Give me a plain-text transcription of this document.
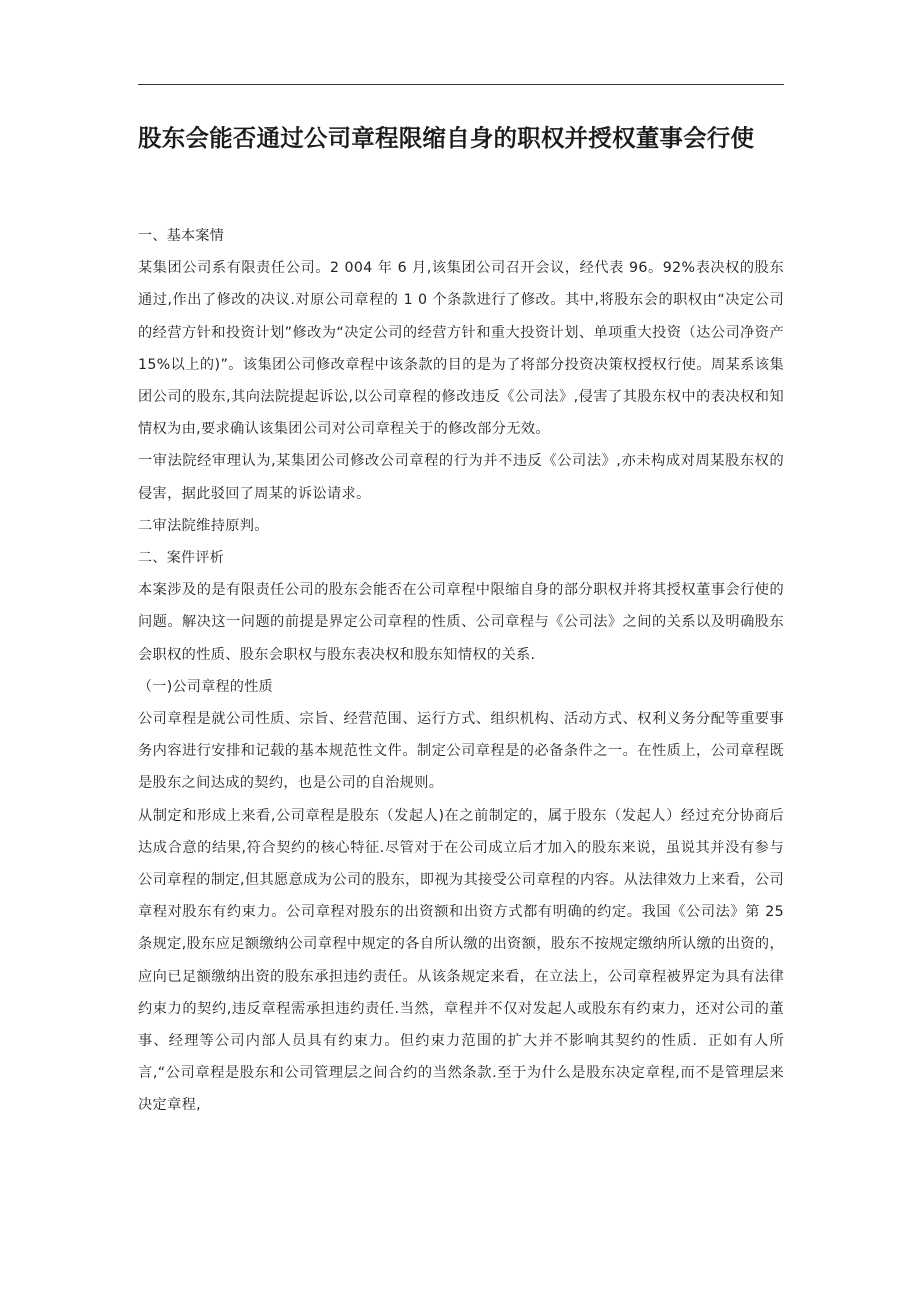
股东会能否通过公司章程限缩自身的职权并授权董事会行使

一、基本案情

某集团公司系有限责任公司。2 004 年 6 月,该集团公司召开会议，经代表 96。92%表决权的股东通过,作出了修改的决议.对原公司章程的 1 0 个条款进行了修改。其中,将股东会的职权由“决定公司的经营方针和投资计划”修改为“决定公司的经营方针和重大投资计划、单项重大投资（达公司净资产 15%以上的)”。该集团公司修改章程中该条款的目的是为了将部分投资决策权授权行使。周某系该集团公司的股东,其向法院提起诉讼,以公司章程的修改违反《公司法》,侵害了其股东权中的表决权和知情权为由,要求确认该集团公司对公司章程关于的修改部分无效。

一审法院经审理认为,某集团公司修改公司章程的行为并不违反《公司法》,亦未构成对周某股东权的侵害，据此驳回了周某的诉讼请求。

二审法院维持原判。

二、案件评析

本案涉及的是有限责任公司的股东会能否在公司章程中限缩自身的部分职权并将其授权董事会行使的问题。解决这一问题的前提是界定公司章程的性质、公司章程与《公司法》之间的关系以及明确股东会职权的性质、股东会职权与股东表决权和股东知情权的关系.

（一)公司章程的性质

公司章程是就公司性质、宗旨、经营范围、运行方式、组织机构、活动方式、权利义务分配等重要事务内容进行安排和记载的基本规范性文件。制定公司章程是的必备条件之一。在性质上，公司章程既是股东之间达成的契约，也是公司的自治规则。

从制定和形成上来看,公司章程是股东（发起人)在之前制定的，属于股东（发起人）经过充分协商后达成合意的结果,符合契约的核心特征.尽管对于在公司成立后才加入的股东来说，虽说其并没有参与公司章程的制定,但其愿意成为公司的股东，即视为其接受公司章程的内容。从法律效力上来看，公司章程对股东有约束力。公司章程对股东的出资额和出资方式都有明确的约定。我国《公司法》第 25 条规定,股东应足额缴纳公司章程中规定的各自所认缴的出资额，股东不按规定缴纳所认缴的出资的，应向已足额缴纳出资的股东承担违约责任。从该条规定来看，在立法上，公司章程被界定为具有法律约束力的契约,违反章程需承担违约责任.当然，章程并不仅对发起人或股东有约束力，还对公司的董事、经理等公司内部人员具有约束力。但约束力范围的扩大并不影响其契约的性质．正如有人所言,“公司章程是股东和公司管理层之间合约的当然条款.至于为什么是股东决定章程,而不是管理层来决定章程,
